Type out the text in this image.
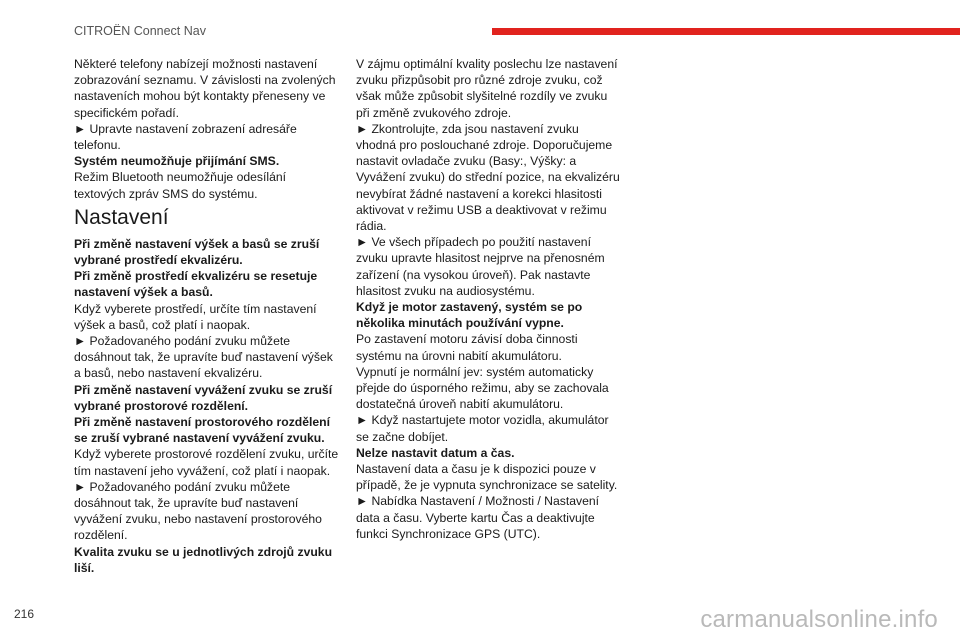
CITROËN Connect Nav

Některé telefony nabízejí možnosti nastavení zobrazování seznamu. V závislosti na zvolených nastaveních mohou být kontakty přeneseny ve specifickém pořadí.

► Upravte nastavení zobrazení adresáře telefonu.

Systém neumožňuje přijímání SMS.

Režim Bluetooth neumožňuje odesílání textových zpráv SMS do systému.

Nastavení

Při změně nastavení výšek a basů se zruší vybrané prostředí ekvalizéru.

Při změně prostředí ekvalizéru se resetuje nastavení výšek a basů.

Když vyberete prostředí, určíte tím nastavení výšek a basů, což platí i naopak.

► Požadovaného podání zvuku můžete dosáhnout tak, že upravíte buď nastavení výšek a basů, nebo nastavení ekvalizéru.

Při změně nastavení vyvážení zvuku se zruší vybrané prostorové rozdělení.

Při změně nastavení prostorového rozdělení se zruší vybrané nastavení vyvážení zvuku.

Když vyberete prostorové rozdělení zvuku, určíte tím nastavení jeho vyvážení, což platí i naopak.

► Požadovaného podání zvuku můžete dosáhnout tak, že upravíte buď nastavení vyvážení zvuku, nebo nastavení prostorového rozdělení.

Kvalita zvuku se u jednotlivých zdrojů zvuku liší.

V zájmu optimální kvality poslechu lze nastavení zvuku přizpůsobit pro různé zdroje zvuku, což však může způsobit slyšitelné rozdíly ve zvuku při změně zvukového zdroje.

► Zkontrolujte, zda jsou nastavení zvuku vhodná pro poslouchané zdroje. Doporučujeme nastavit ovladače zvuku (Basy:, Výšky: a Vyvážení zvuku) do střední pozice, na ekvalizéru nevybírat žádné nastavení a korekci hlasitosti aktivovat v režimu USB a deaktivovat v režimu rádia.

► Ve všech případech po použití nastavení zvuku upravte hlasitost nejprve na přenosném zařízení (na vysokou úroveň). Pak nastavte hlasitost zvuku na audiosystému.

Když je motor zastavený, systém se po několika minutách používání vypne.

Po zastavení motoru závisí doba činnosti systému na úrovni nabití akumulátoru.

Vypnutí je normální jev: systém automaticky přejde do úsporného režimu, aby se zachovala dostatečná úroveň nabití akumulátoru.

► Když nastartujete motor vozidla, akumulátor se začne dobíjet.

Nelze nastavit datum a čas.

Nastavení data a času je k dispozici pouze v případě, že je vypnuta synchronizace se satelity.

► Nabídka Nastavení / Možnosti / Nastavení data a času. Vyberte kartu Čas a deaktivujte funkci Synchronizace GPS (UTC).

216	carmanualsonline.info
